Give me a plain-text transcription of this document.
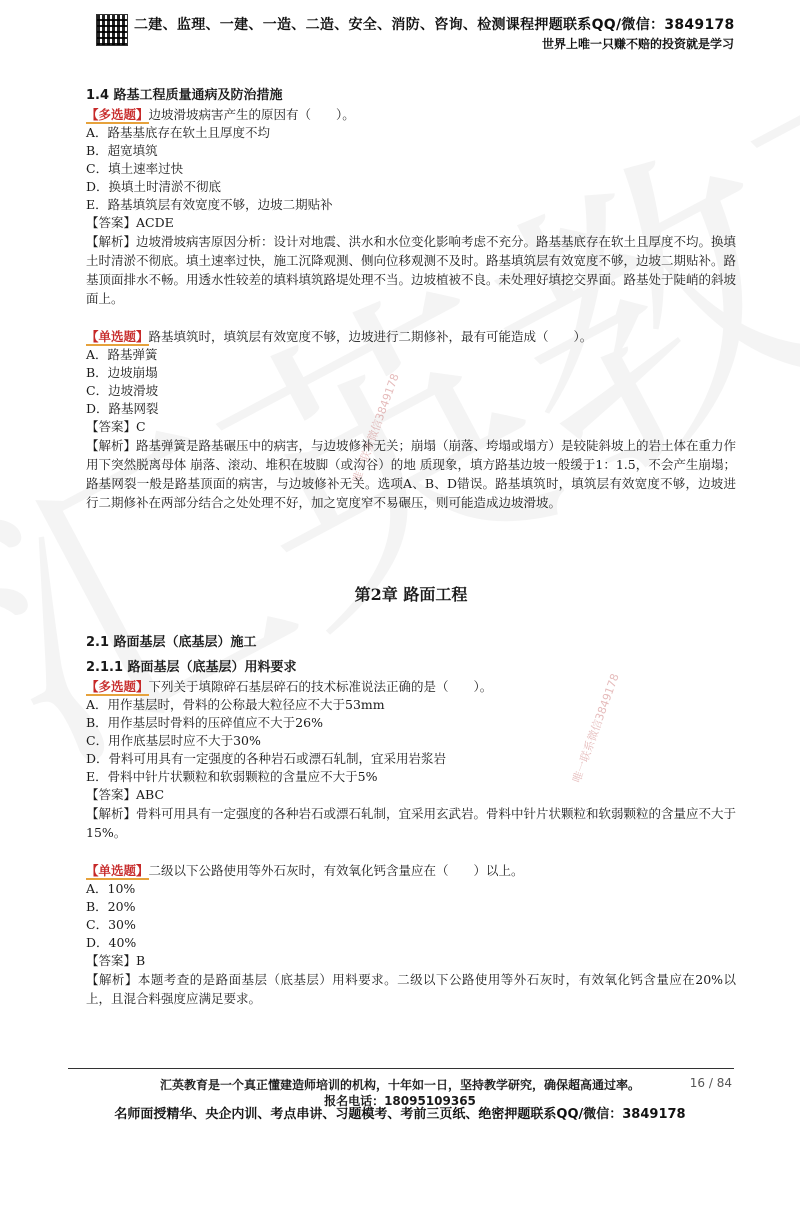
唯一联系微信3849178
唯一联系微信3849178
二建、监理、一建、一造、二造、安全、消防、咨询、检测课程押题联系QQ/微信：3849178
世界上唯一只赚不赔的投资就是学习

1.4 路基工程质量通病及防治措施

【多选题】边坡滑坡病害产生的原因有（　　）。

A．路基基底存在软土且厚度不均

B．超宽填筑

C．填土速率过快

D．换填土时清淤不彻底

E．路基填筑层有效宽度不够，边坡二期贴补

【答案】ACDE

【解析】边坡滑坡病害原因分析：设计对地震、洪水和水位变化影响考虑不充分。路基基底存在软土且厚度不均。换填土时清淤不彻底。填土速率过快，施工沉降观测、侧向位移观测不及时。路基填筑层有效宽度不够，边坡二期贴补。路基顶面排水不畅。用透水性较差的填料填筑路堤处理不当。边坡植被不良。未处理好填挖交界面。路基处于陡峭的斜坡面上。

【单选题】路基填筑时，填筑层有效宽度不够，边坡进行二期修补，最有可能造成（　　）。

A．路基弹簧

B．边坡崩塌

C．边坡滑坡

D．路基网裂

【答案】C

【解析】路基弹簧是路基碾压中的病害，与边坡修补无关；崩塌（崩落、垮塌或塌方）是较陡斜坡上的岩土体在重力作用下突然脱离母体 崩落、滚动、堆积在坡脚（或沟谷）的地 质现象，填方路基边坡一般缓于1：1.5，不会产生崩塌；路基网裂一般是路基顶面的病害，与边坡修补无关。选项A、B、D错误。路基填筑时，填筑层有效宽度不够，边坡进行二期修补在两部分结合之处处理不好，加之宽度窄不易碾压，则可能造成边坡滑坡。

第2章 路面工程

2.1 路面基层（底基层）施工

2.1.1 路面基层（底基层）用料要求

【多选题】下列关于填隙碎石基层碎石的技术标准说法正确的是（　　）。

A．用作基层时，骨料的公称最大粒径应不大于53mm

B．用作基层时骨料的压碎值应不大于26%

C．用作底基层时应不大于30%

D．骨料可用具有一定强度的各种岩石或漂石轧制，宜采用岩浆岩

E．骨料中针片状颗粒和软弱颗粒的含量应不大于5%

【答案】ABC

【解析】骨料可用具有一定强度的各种岩石或漂石轧制，宜采用玄武岩。骨料中针片状颗粒和软弱颗粒的含量应不大于15%。

【单选题】二级以下公路使用等外石灰时，有效氧化钙含量应在（　　）以上。

A．10%

B．20%

C．30%

D．40%

【答案】B

【解析】本题考查的是路面基层（底基层）用料要求。二级以下公路使用等外石灰时，有效氧化钙含量应在20%以上，且混合料强度应满足要求。

汇英教育是一个真正懂建造师培训的机构，十年如一日，坚持教学研究，确保超高通过率。	16 / 84
报名电话：18095109365
名师面授精华、央企内训、考点串讲、习题模考、考前三页纸、绝密押题联系QQ/微信：3849178
